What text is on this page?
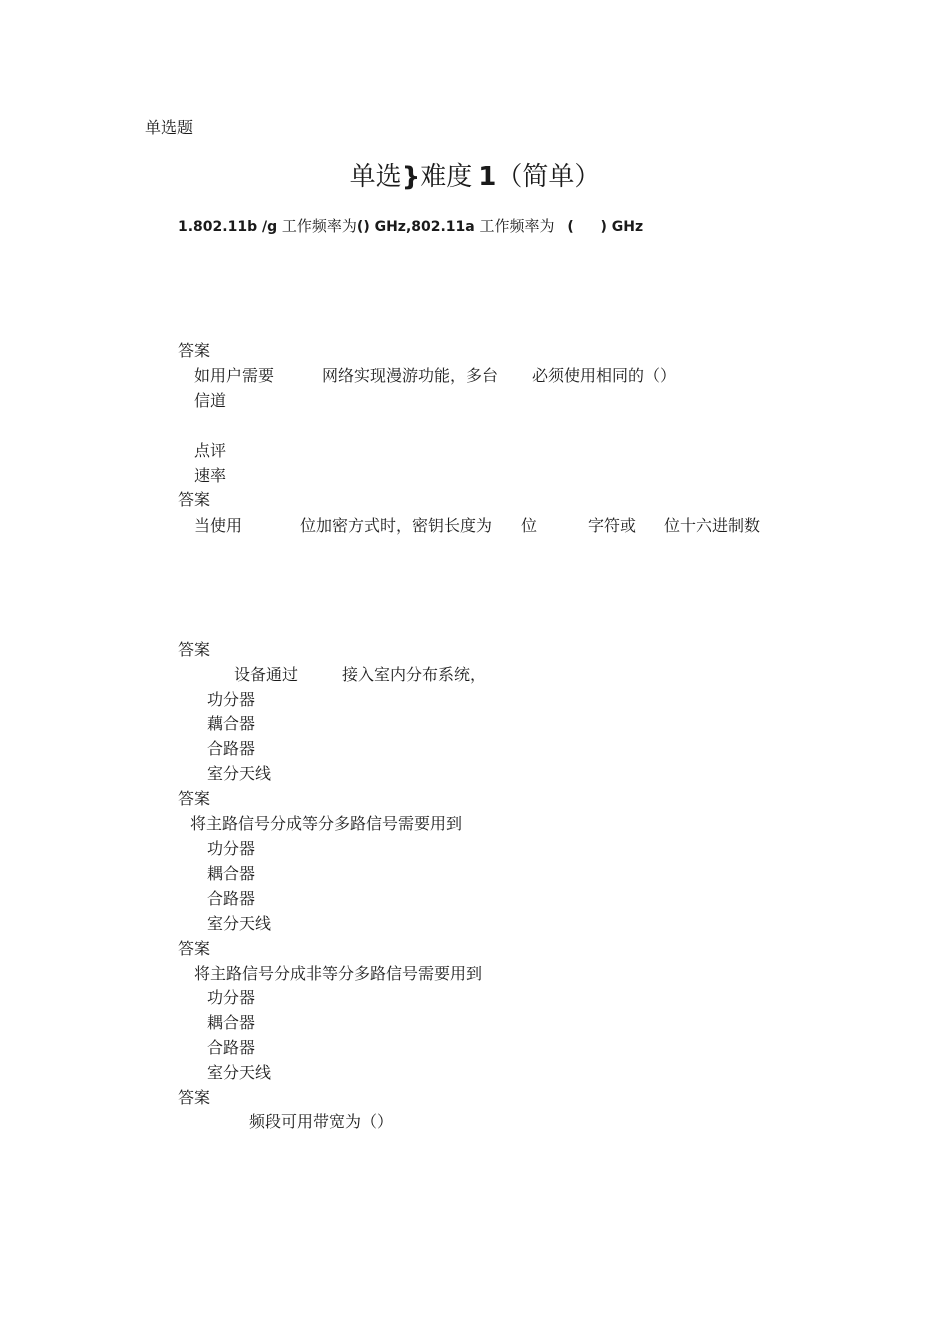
单选题
单选}难度 1（简单）
1.802.11b /g 工作频率为() GHz,802.11a 工作频率为 ( ) GHz
答案
如用户需要	网络实现漫游功能，多台 必须使用相同的（）
信道
点评
速率
答案
当使用	位加密方式时，密钥长度为 位	字符或 位十六进制数
答案
设备通过	接入室内分布系统，
功分器
藕合器
合路器
室分天线
答案
将主路信号分成等分多路信号需要用到
功分器
耦合器
合路器
室分天线
答案
将主路信号分成非等分多路信号需要用到
功分器
耦合器
合路器
室分天线
答案
频段可用带宽为（）
